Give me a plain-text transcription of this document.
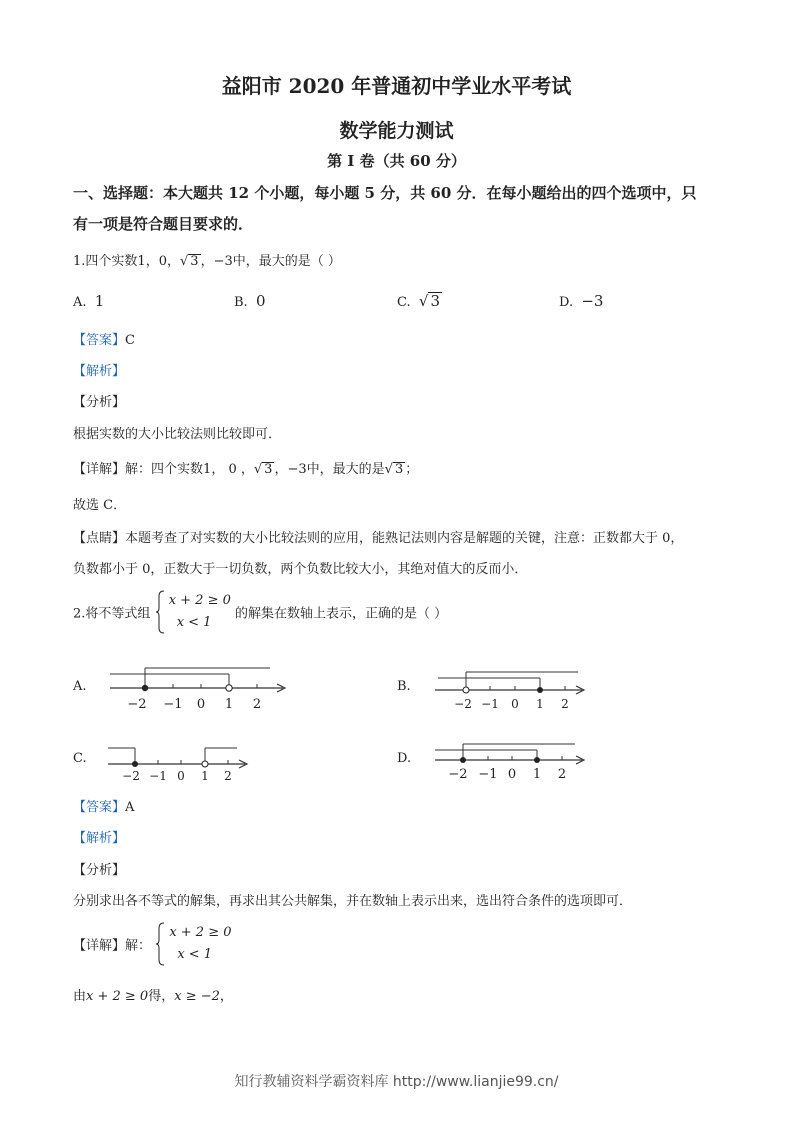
益阳市 2020 年普通初中学业水平考试
数学能力测试
第 I 卷（共 60 分）
一、选择题：本大题共 12 个小题，每小题 5 分，共 60 分．在每小题给出的四个选项中，只
有一项是符合题目要求的．
1.四个实数1，0，√ 3 ，−3中，最大的是（ ）
A. 1	B. 0	C. √ 3	D. −3
【答案】C
【解析】
【分析】
根据实数的大小比较法则比较即可．
【详解】解：四个实数1， 0 ，√ 3 ，−3中，最大的是√ 3 ；
故选 C．
【点睛】本题考查了对实数的大小比较法则的应用，能熟记法则内容是解题的关键，注意：正数都大于 0，
负数都小于 0，正数大于一切负数，两个负数比较大小，其绝对值大的反而小．
2.将不等式组
x + 2 ≥ 0
x < 1
的解集在数轴上表示，正确的是（ ）
A.
−2 −1 0 1 2
B.
−2 −1 0 1 2
C.
−2 −1 0 1 2
D.
−2 −1 0 1 2
【答案】A
【解析】
【分析】
分别求出各不等式的解集，再求出其公共解集，并在数轴上表示出来，选出符合条件的选项即可．
【详解】解：
x + 2 ≥ 0
x < 1
由x + 2 ≥ 0得，x ≥ −2，
知行教辅资料学霸资料库 http://www.lianjie99.cn/
